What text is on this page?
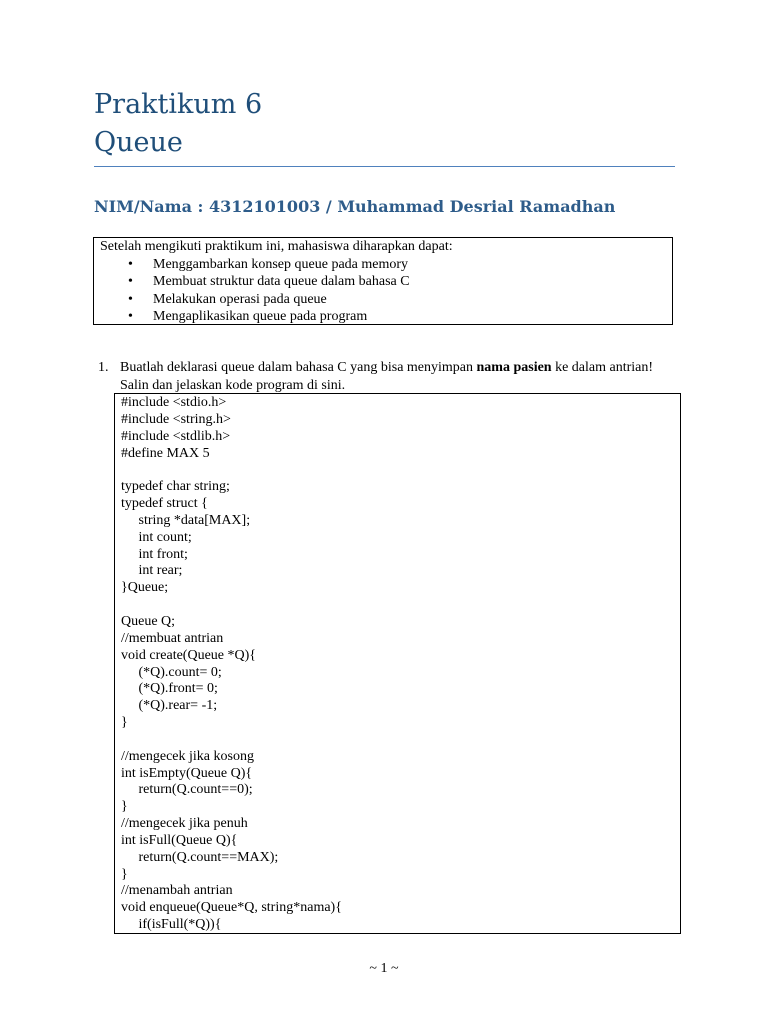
Praktikum 6
Queue
NIM/Nama : 4312101003 / Muhammad Desrial Ramadhan
Setelah mengikuti praktikum ini, mahasiswa diharapkan dapat:
• Menggambarkan konsep queue pada memory
• Membuat struktur data queue dalam bahasa C
• Melakukan operasi pada queue
• Mengaplikasikan queue pada program
1. Buatlah deklarasi queue dalam bahasa C yang bisa menyimpan nama pasien ke dalam antrian! Salin dan jelaskan kode program di sini.
#include <stdio.h>
#include <string.h>
#include <stdlib.h>
#define MAX 5
typedef char string;
typedef struct {
string *data[MAX];
int count;
int front;
int rear;
}Queue;
Queue Q;
//membuat antrian
void create(Queue *Q){
(*Q).count= 0;
(*Q).front= 0;
(*Q).rear= -1;
}
//mengecek jika kosong
int isEmpty(Queue Q){
return(Q.count==0);
}
//mengecek jika penuh
int isFull(Queue Q){
return(Q.count==MAX);
}
//menambah antrian
void enqueue(Queue*Q, string*nama){
if(isFull(*Q)){
~ 1 ~
